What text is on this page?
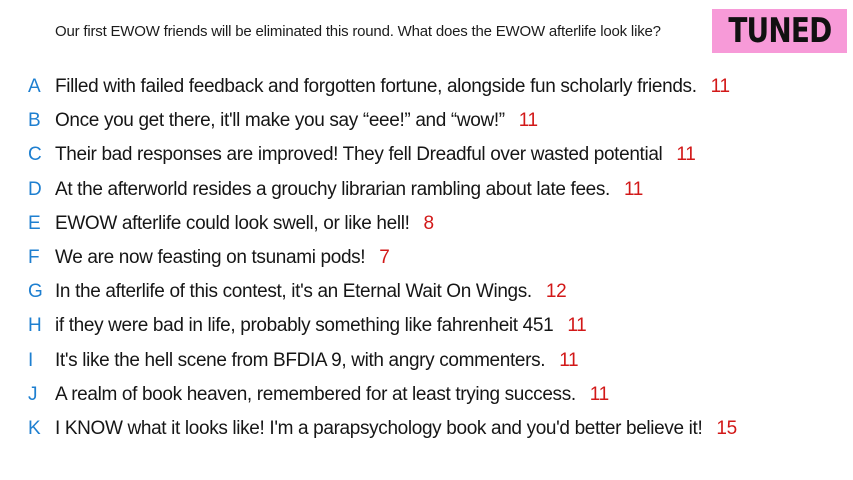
Our first EWOW friends will be eliminated this round. What does the EWOW afterlife look like?	TUNED
A Filled with failed feedback and forgotten fortune, alongside fun scholarly friends. 11
B Once you get there, it'll make you say “eee!” and “wow!” 11
C Their bad responses are improved! They fell Dreadful over wasted potential 11
D At the afterworld resides a grouchy librarian rambling about late fees. 11
E EWOW afterlife could look swell, or like hell! 8
F We are now feasting on tsunami pods! 7
G In the afterlife of this contest, it's an Eternal Wait On Wings. 12
H if they were bad in life, probably something like fahrenheit 451 11
I	It's like the hell scene from BFDIA 9, with angry commenters. 11
J A realm of book heaven, remembered for at least trying success. 11
K I KNOW what it looks like! I'm a parapsychology book and you'd better believe it! 15
